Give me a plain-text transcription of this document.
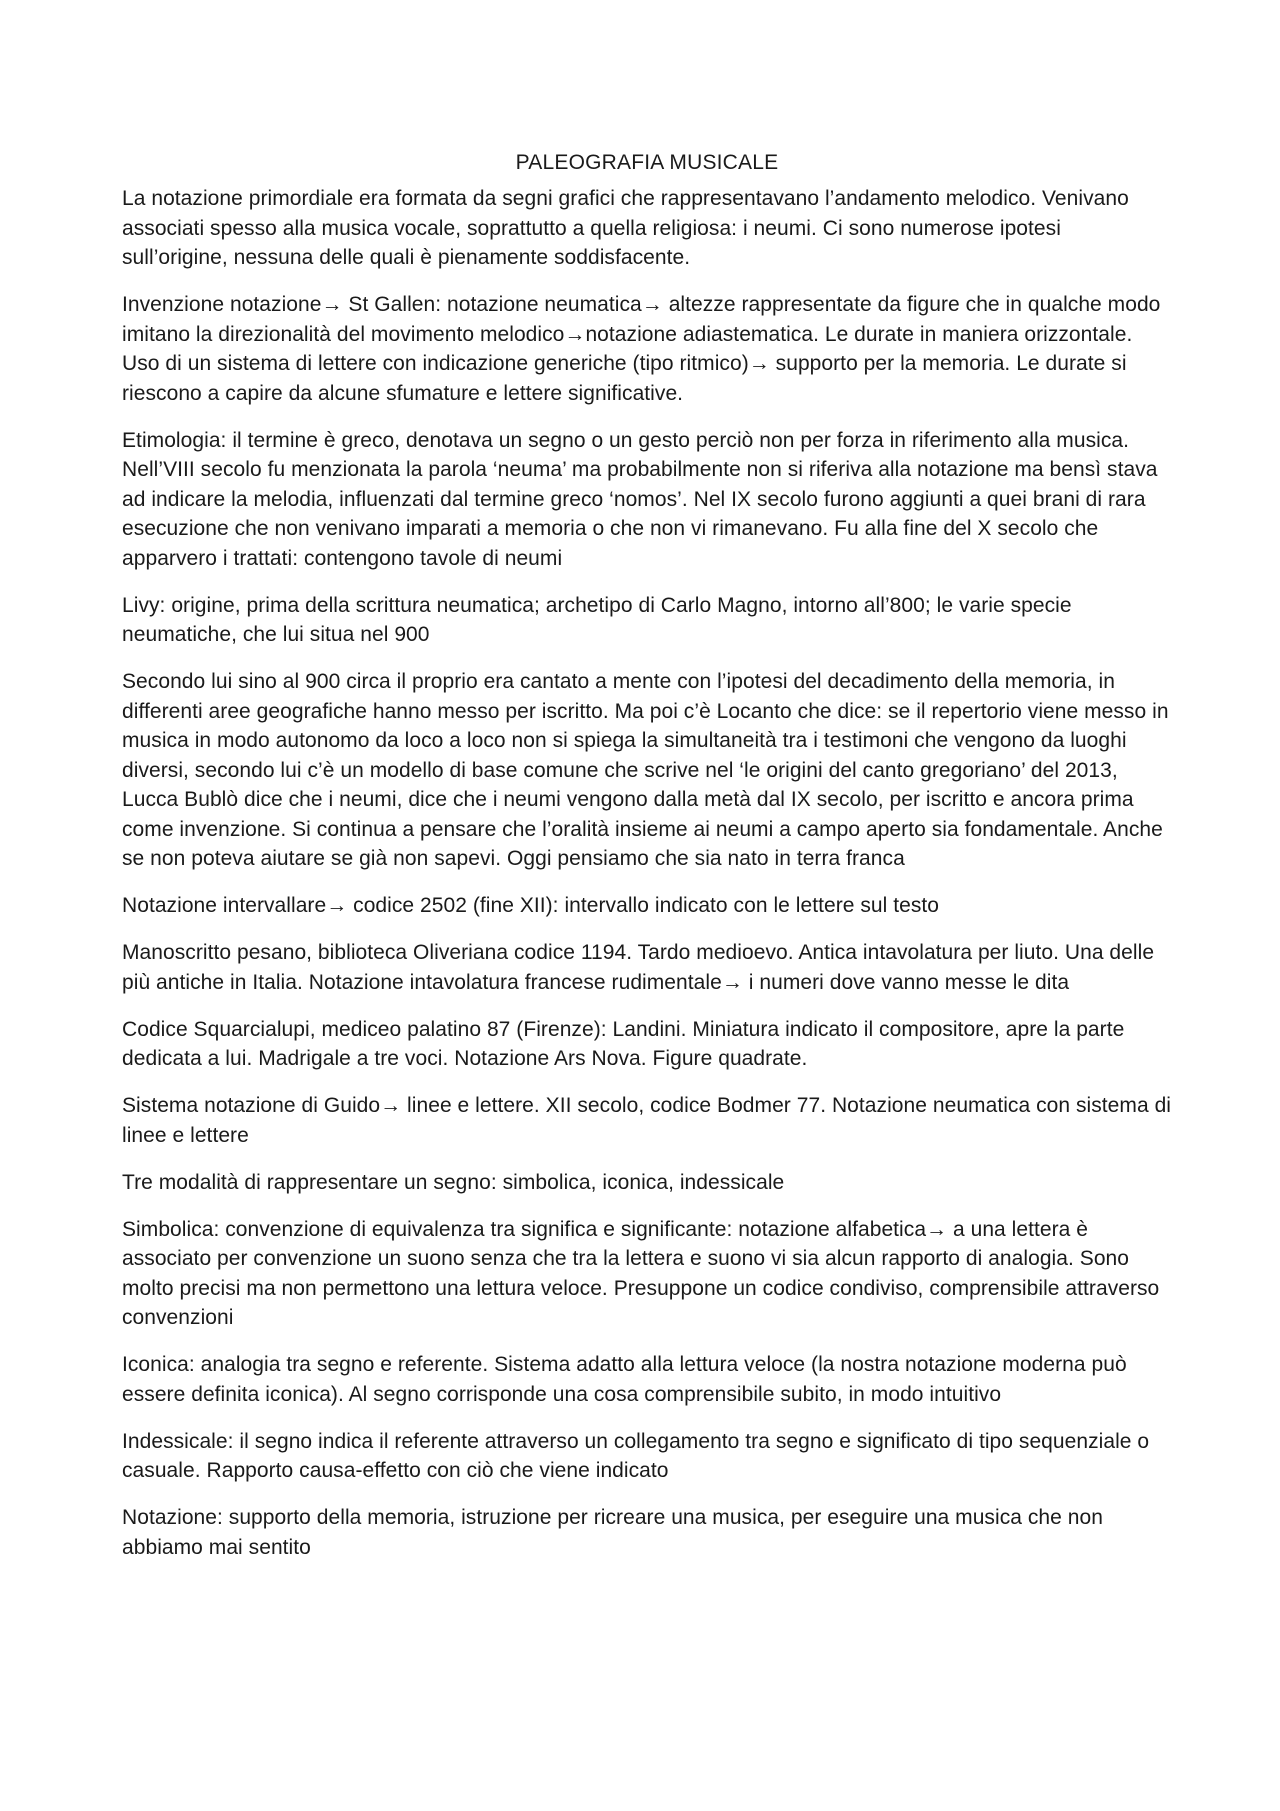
PALEOGRAFIA MUSICALE

La notazione primordiale era formata da segni grafici che rappresentavano l’andamento melodico. Venivano associati spesso alla musica vocale, soprattutto a quella religiosa: i neumi. Ci sono numerose ipotesi sull’origine, nessuna delle quali è pienamente soddisfacente.

Invenzione notazione→ St Gallen: notazione neumatica→ altezze rappresentate da figure che in qualche modo imitano la direzionalità del movimento melodico→notazione adiastematica. Le durate in maniera orizzontale. Uso di un sistema di lettere con indicazione generiche (tipo ritmico)→ supporto per la memoria. Le durate si riescono a capire da alcune sfumature e lettere significative.

Etimologia: il termine è greco, denotava un segno o un gesto perciò non per forza in riferimento alla musica. Nell’VIII secolo fu menzionata la parola ‘neuma’ ma probabilmente non si riferiva alla notazione ma bensì stava ad indicare la melodia, influenzati dal termine greco ‘nomos’. Nel IX secolo furono aggiunti a quei brani di rara esecuzione che non venivano imparati a memoria o che non vi rimanevano. Fu alla fine del X secolo che apparvero i trattati: contengono tavole di neumi

Livy: origine, prima della scrittura neumatica; archetipo di Carlo Magno, intorno all’800; le varie specie neumatiche, che lui situa nel 900

Secondo lui sino al 900 circa il proprio era cantato a mente con l’ipotesi del decadimento della memoria, in differenti aree geografiche hanno messo per iscritto. Ma poi c’è Locanto che dice: se il repertorio viene messo in musica in modo autonomo da loco a loco non si spiega la simultaneità tra i testimoni che vengono da luoghi diversi, secondo lui c’è un modello di base comune che scrive nel ‘le origini del canto gregoriano’ del 2013, Lucca Bublò dice che i neumi, dice che i neumi vengono dalla metà dal IX secolo, per iscritto e ancora prima come invenzione. Si continua a pensare che l’oralità insieme ai neumi a campo aperto sia fondamentale. Anche se non poteva aiutare se già non sapevi. Oggi pensiamo che sia nato in terra franca

Notazione intervallare→ codice 2502 (fine XII): intervallo indicato con le lettere sul testo

Manoscritto pesano, biblioteca Oliveriana codice 1194. Tardo medioevo. Antica intavolatura per liuto. Una delle più antiche in Italia. Notazione intavolatura francese rudimentale→ i numeri dove vanno messe le dita

Codice Squarcialupi, mediceo palatino 87 (Firenze): Landini. Miniatura indicato il compositore, apre la parte dedicata a lui. Madrigale a tre voci. Notazione Ars Nova. Figure quadrate.

Sistema notazione di Guido→ linee e lettere. XII secolo, codice Bodmer 77. Notazione neumatica con sistema di linee e lettere

Tre modalità di rappresentare un segno: simbolica, iconica, indessicale

Simbolica: convenzione di equivalenza tra significa e significante: notazione alfabetica→ a una lettera è associato per convenzione un suono senza che tra la lettera e suono vi sia alcun rapporto di analogia. Sono molto precisi ma non permettono una lettura veloce. Presuppone un codice condiviso, comprensibile attraverso convenzioni

Iconica: analogia tra segno e referente. Sistema adatto alla lettura veloce (la nostra notazione moderna può essere definita iconica). Al segno corrisponde una cosa comprensibile subito, in modo intuitivo

Indessicale: il segno indica il referente attraverso un collegamento tra segno e significato di tipo sequenziale o casuale. Rapporto causa-effetto con ciò che viene indicato

Notazione: supporto della memoria, istruzione per ricreare una musica, per eseguire una musica che non abbiamo mai sentito
